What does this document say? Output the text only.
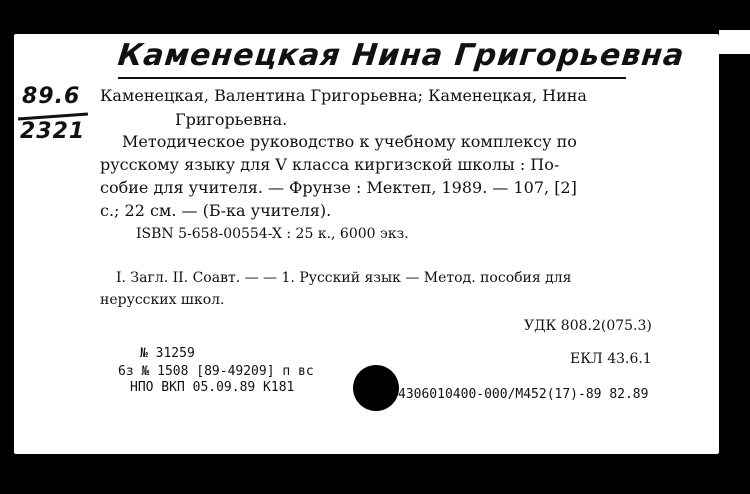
Каменецкая Нина Григорьевна
89.6
2321
Каменецкая, Валентина Григорьевна; Каменецкая, Нина
Григорьевна.
Методическое руководство к учебному комплексу по
русскому языку для V класса киргизской школы : По-
собие для учителя. — Фрунзе : Мектеп, 1989. — 107, [2]
с.; 22 см. — (Б-ка учителя).
ISBN 5-658-00554-X : 25 к., 6000 экз.
I. Загл. II. Соавт. — — 1. Русский язык — Метод. пособия для
нерусских школ.
УДК 808.2(075.3)
№ 31259	ЕКЛ 43.6.1
6з № 1508 [89-49209] п вс
НПО ВКП 05.09.89 К181	4306010400-000/М452(17)-89 82.89
